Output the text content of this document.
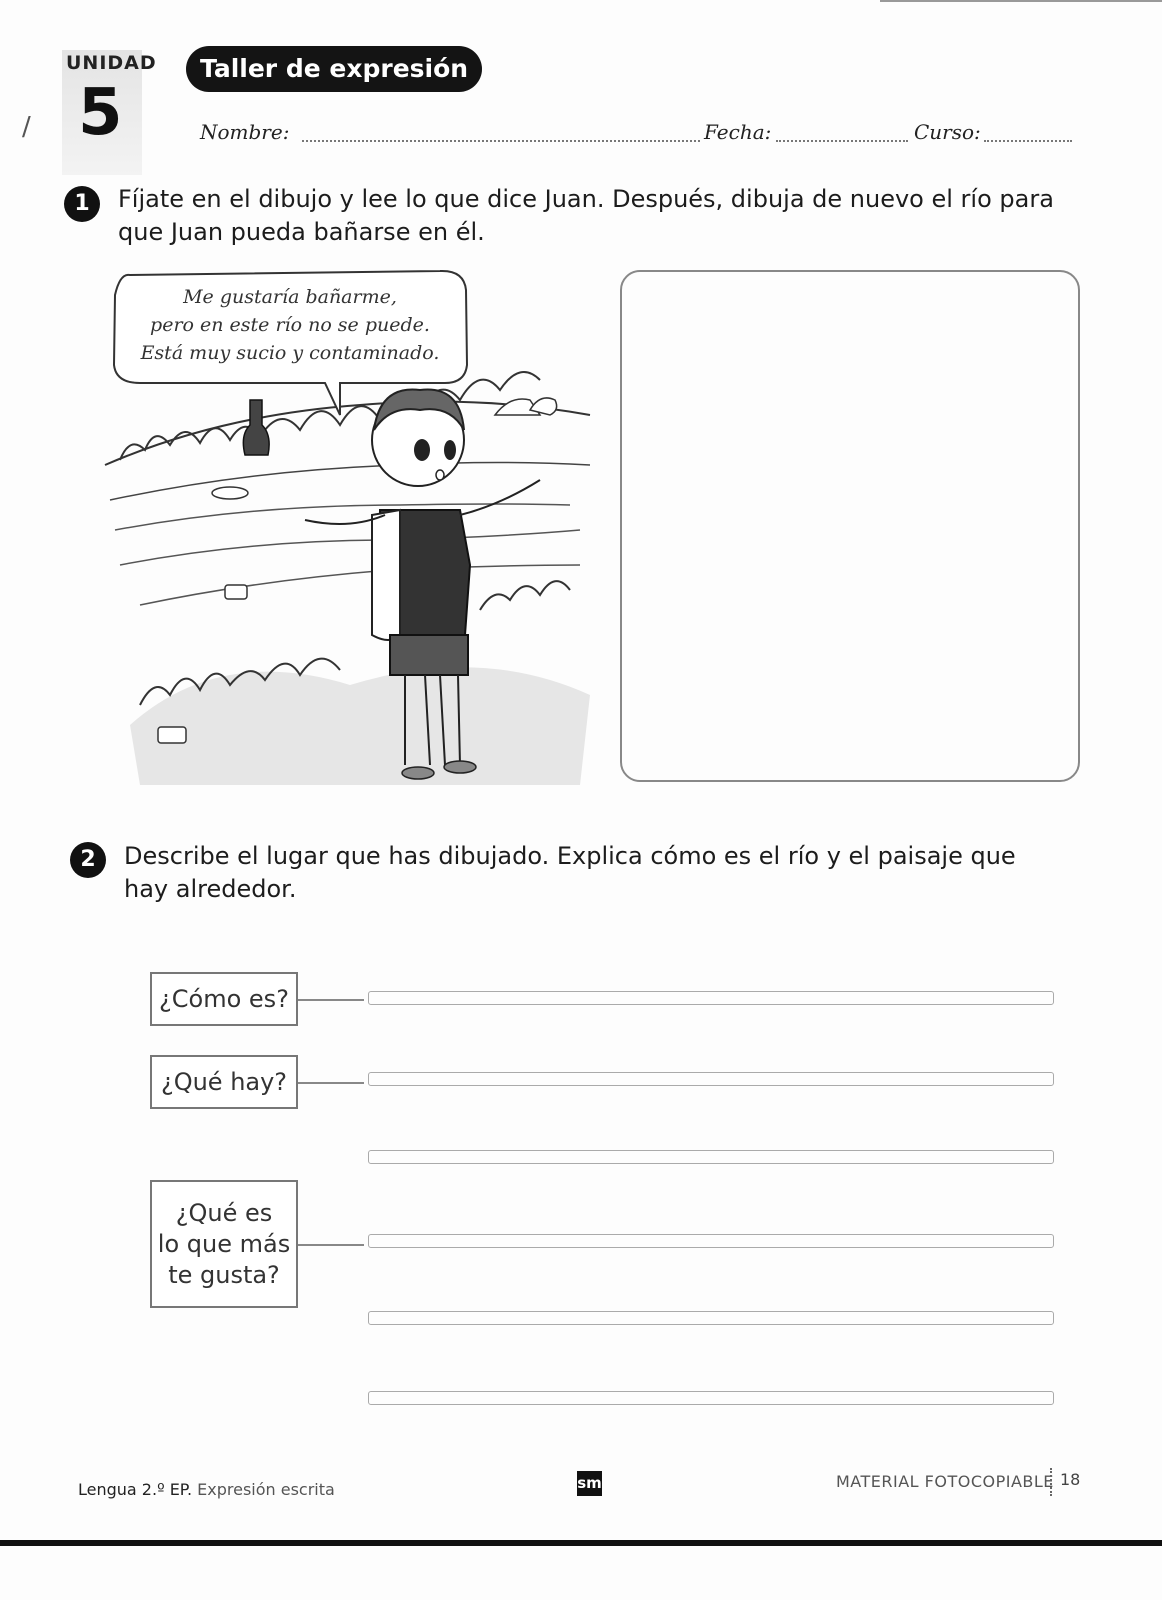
UNIDAD
5
/
Taller de expresión
Nombre:	Fecha:	Curso:
1	Fíjate en el dibujo y lee lo que dice Juan. Después, dibuja de nuevo el río para que Juan pueda bañarse en él.
Me gustaría bañarme,
pero en este río no se puede.
Está muy sucio y contaminado.
2	Describe el lugar que has dibujado. Explica cómo es el río y el paisaje que hay alrededor.
¿Cómo es?
¿Qué hay?
¿Qué es
lo que más
te gusta?
Lengua 2.º EP. Expresión escrita	sm	MATERIAL FOTOCOPIABLE 18
